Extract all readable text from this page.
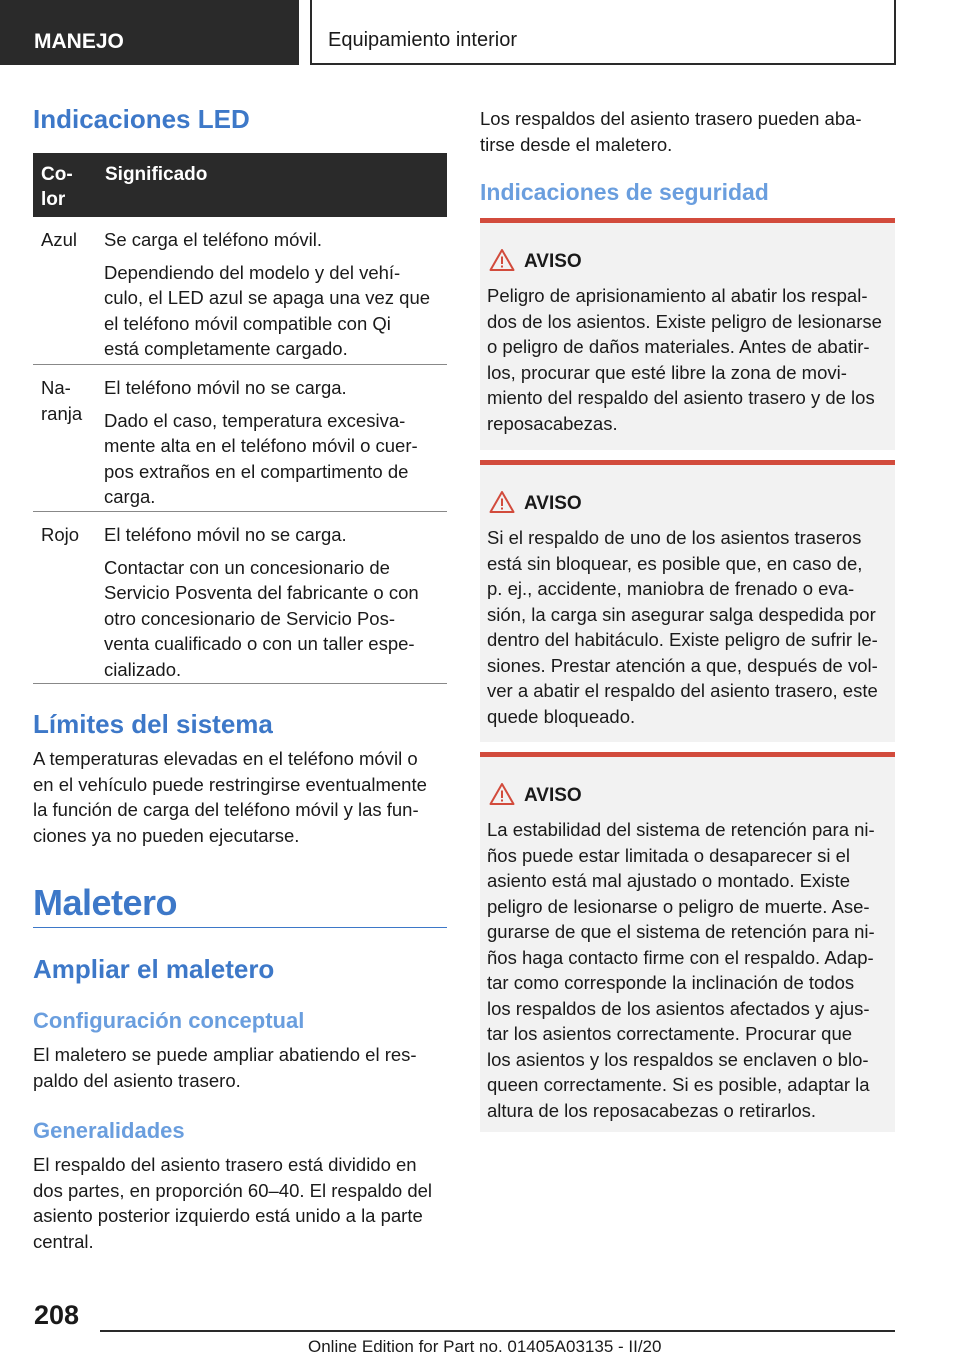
MANEJO	Equipamiento interior
Indicaciones LED
Co-
lor
Significado
Azul Se carga el teléfono móvil.
Dependiendo del modelo y del vehí-
culo, el LED azul se apaga una vez que
el teléfono móvil compatible con Qi
está completamente cargado.
Na-
ranja
El teléfono móvil no se carga.
Dado el caso, temperatura excesiva-
mente alta en el teléfono móvil o cuer-
pos extraños en el compartimento de
carga.
Rojo El teléfono móvil no se carga.
Contactar con un concesionario de
Servicio Posventa del fabricante o con
otro concesionario de Servicio Pos-
venta cualificado o con un taller espe-
cializado.
Límites del sistema
A temperaturas elevadas en el teléfono móvil o
en el vehículo puede restringirse eventualmente
la función de carga del teléfono móvil y las fun-
ciones ya no pueden ejecutarse.
Maletero
Ampliar el maletero
Configuración conceptual
El maletero se puede ampliar abatiendo el res-
paldo del asiento trasero.
Generalidades
El respaldo del asiento trasero está dividido en
dos partes, en proporción 60–40. El respaldo del
asiento posterior izquierdo está unido a la parte
central.
Los respaldos del asiento trasero pueden aba-
tirse desde el maletero.
Indicaciones de seguridad
AVISO
Peligro de aprisionamiento al abatir los respal-
dos de los asientos. Existe peligro de lesionarse
o peligro de daños materiales. Antes de abatir-
los, procurar que esté libre la zona de movi-
miento del respaldo del asiento trasero y de los
reposacabezas.
AVISO
Si el respaldo de uno de los asientos traseros
está sin bloquear, es posible que, en caso de,
p. ej., accidente, maniobra de frenado o eva-
sión, la carga sin asegurar salga despedida por
dentro del habitáculo. Existe peligro de sufrir le-
siones. Prestar atención a que, después de vol-
ver a abatir el respaldo del asiento trasero, este
quede bloqueado.
AVISO
La estabilidad del sistema de retención para ni-
ños puede estar limitada o desaparecer si el
asiento está mal ajustado o montado. Existe
peligro de lesionarse o peligro de muerte. Ase-
gurarse de que el sistema de retención para ni-
ños haga contacto firme con el respaldo. Adap-
tar como corresponde la inclinación de todos
los respaldos de los asientos afectados y ajus-
tar los asientos correctamente. Procurar que
los asientos y los respaldos se enclaven o blo-
queen correctamente. Si es posible, adaptar la
altura de los reposacabezas o retirarlos.
208
Online Edition for Part no. 01405A03135 - II/20
